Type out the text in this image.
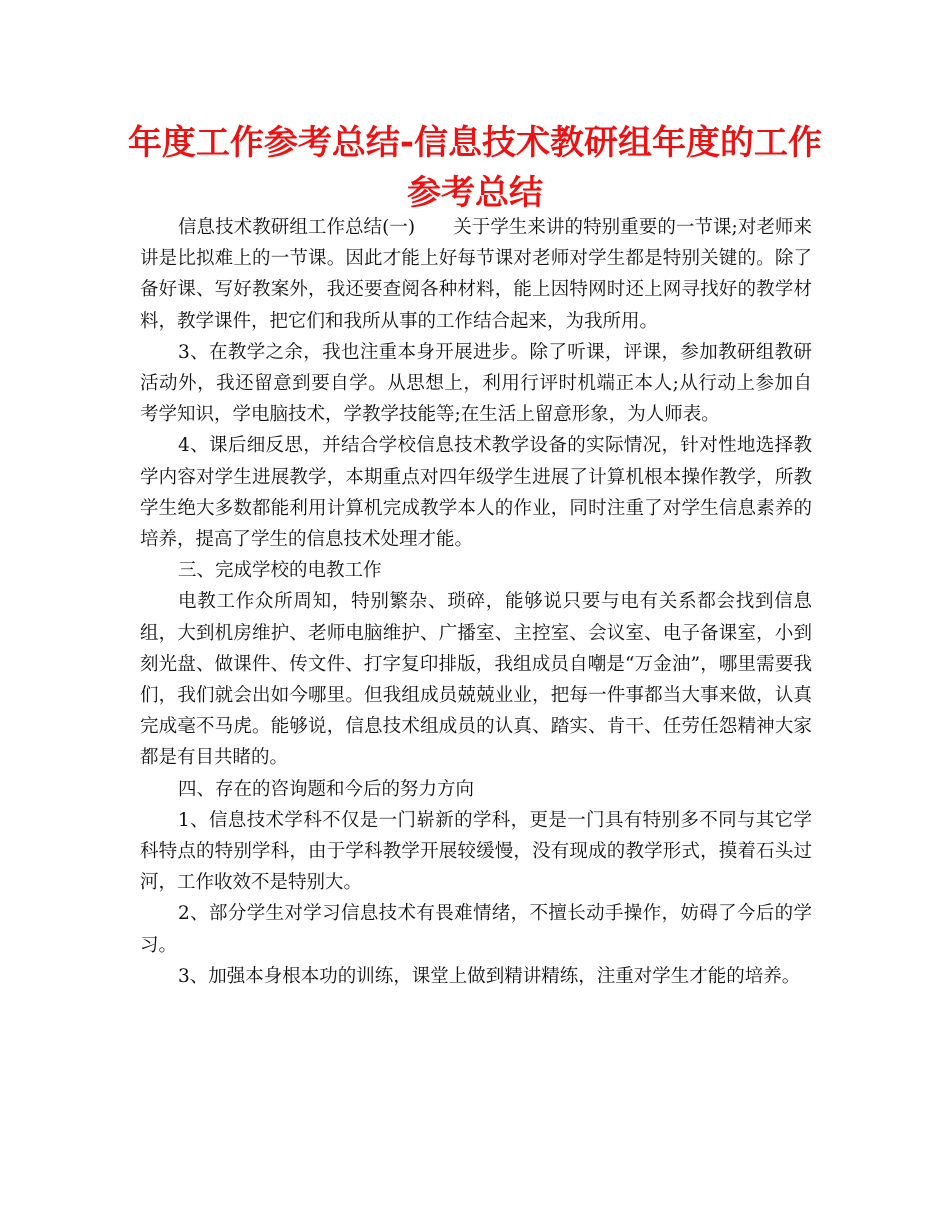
年度工作参考总结-信息技术教研组年度的工作参考总结

信息技术教研组工作总结(一) 关于学生来讲的特别重要的一节课;对老师来讲是比拟难上的一节课。因此才能上好每节课对老师对学生都是特别关键的。除了备好课、写好教案外，我还要查阅各种材料，能上因特网时还上网寻找好的教学材料，教学课件，把它们和我所从事的工作结合起来，为我所用。

3、在教学之余，我也注重本身开展进步。除了听课，评课，参加教研组教研活动外，我还留意到要自学。从思想上，利用行评时机端正本人;从行动上参加自考学知识，学电脑技术，学教学技能等;在生活上留意形象，为人师表。

4、课后细反思，并结合学校信息技术教学设备的实际情况，针对性地选择教学内容对学生进展教学，本期重点对四年级学生进展了计算机根本操作教学，所教学生绝大多数都能利用计算机完成教学本人的作业，同时注重了对学生信息素养的培养，提高了学生的信息技术处理才能。

三、完成学校的电教工作

电教工作众所周知，特别繁杂、琐碎，能够说只要与电有关系都会找到信息组，大到机房维护、老师电脑维护、广播室、主控室、会议室、电子备课室，小到刻光盘、做课件、传文件、打字复印排版，我组成员自嘲是“万金油”，哪里需要我们，我们就会出如今哪里。但我组成员兢兢业业，把每一件事都当大事来做，认真完成毫不马虎。能够说，信息技术组成员的认真、踏实、肯干、任劳任怨精神大家都是有目共睹的。

四、存在的咨询题和今后的努力方向

1、信息技术学科不仅是一门崭新的学科，更是一门具有特别多不同与其它学科特点的特别学科，由于学科教学开展较缓慢，没有现成的教学形式，摸着石头过河，工作收效不是特别大。

2、部分学生对学习信息技术有畏难情绪，不擅长动手操作，妨碍了今后的学习。

3、加强本身根本功的训练，课堂上做到精讲精练，注重对学生才能的培养。
